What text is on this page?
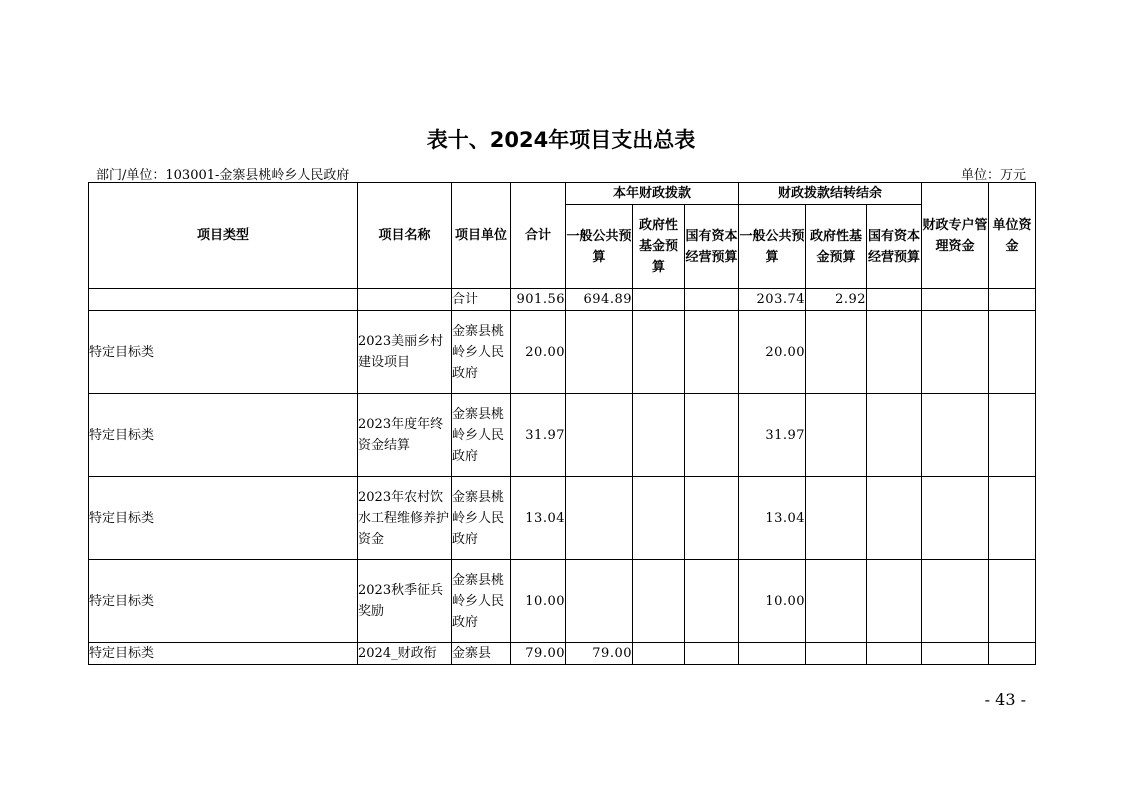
表十、2024年项目支出总表
部门/单位：103001-金寨县桃岭乡人民政府	单位：万元
项目类型	项目名称	项目单位	合计	本年财政拨款			财政拨款结转结余			财政专户管理资金	单位资金
				一般公共预算	政府性基金预算	国有资本经营预算	一般公共预算	政府性基金预算	国有资本经营预算		
		合计	901.56	694.89			203.74	2.92			
特定目标类	2023美丽乡村建设项目	金寨县桃岭乡人民政府	20.00				20.00				
特定目标类	2023年度年终资金结算	金寨县桃岭乡人民政府	31.97				31.97				
特定目标类	2023年农村饮水工程维修养护资金	金寨县桃岭乡人民政府	13.04				13.04				
特定目标类	2023秋季征兵奖励	金寨县桃岭乡人民政府	10.00				10.00				
特定目标类	2024_财政衔	金寨县	79.00	79.00							
- 43 -
